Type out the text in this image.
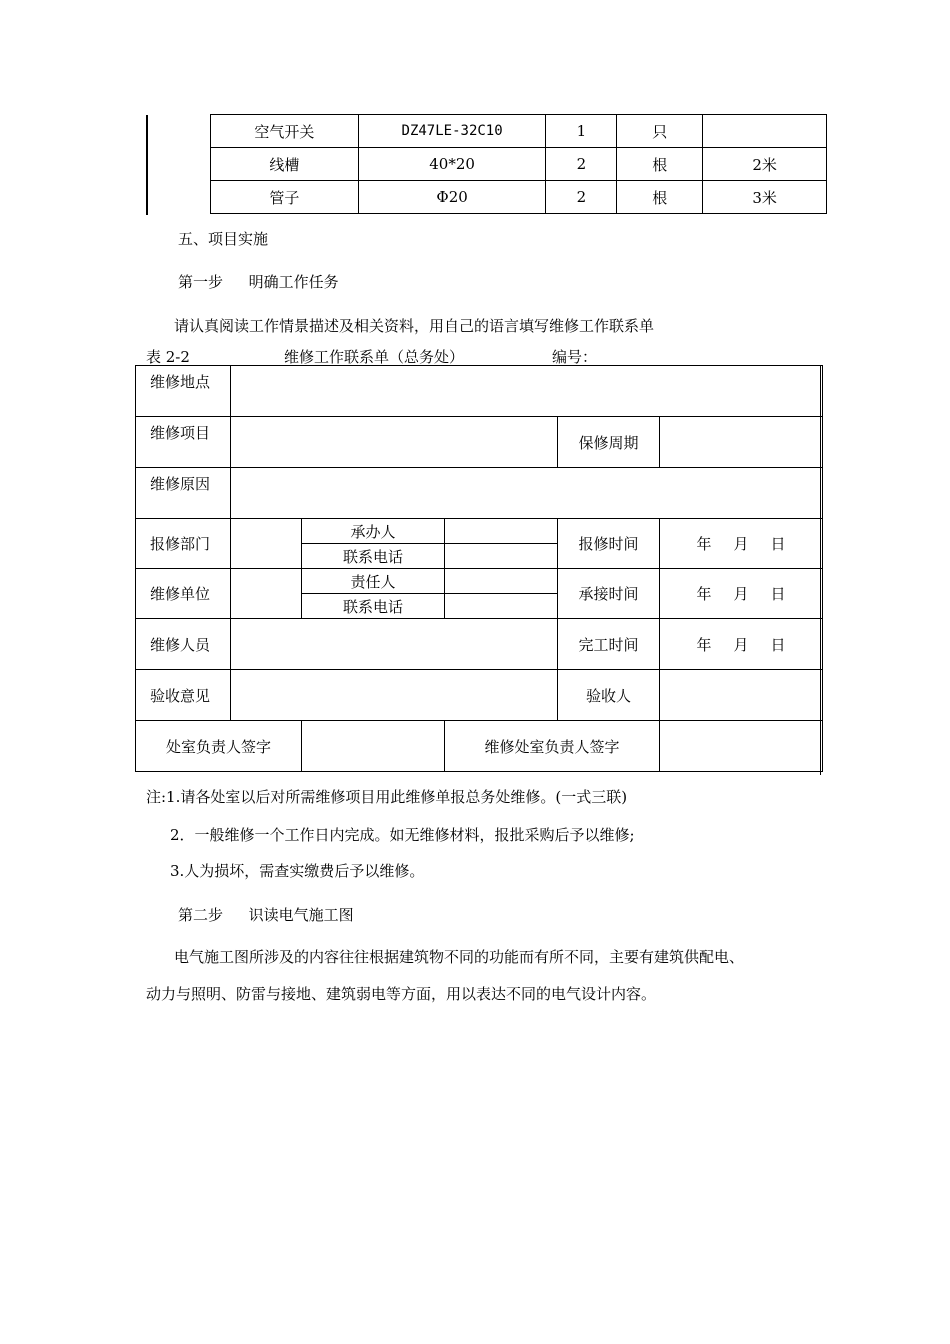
空气开关	DZ47LE-32C10	1	只	
线槽	40*20	2	根	2米
管子	Φ20	2	根	3米
五、项目实施
第一步 明确工作任务
请认真阅读工作情景描述及相关资料，用自己的语言填写维修工作联系单
表 2-2	维修工作联系单（总务处）	编号：
维修地点					
维修项目				保修周期	
维修原因					
报修部门		承办人		报修时间	年 月 日
		联系电话			
维修单位		责任人		承接时间	年 月 日
		联系电话			
维修人员				完工时间	年 月 日
验收意见				验收人	
处室负责人签字			维修处室负责人签字		
注:1.请各处室以后对所需维修项目用此维修单报总务处维修。(一式三联)
2．一般维修一个工作日内完成。如无维修材料，报批采购后予以维修;
3.人为损坏，需查实缴费后予以维修。
第二步 识读电气施工图
电气施工图所涉及的内容往往根据建筑物不同的功能而有所不同，主要有建筑供配电、
动力与照明、防雷与接地、建筑弱电等方面，用以表达不同的电气设计内容。
